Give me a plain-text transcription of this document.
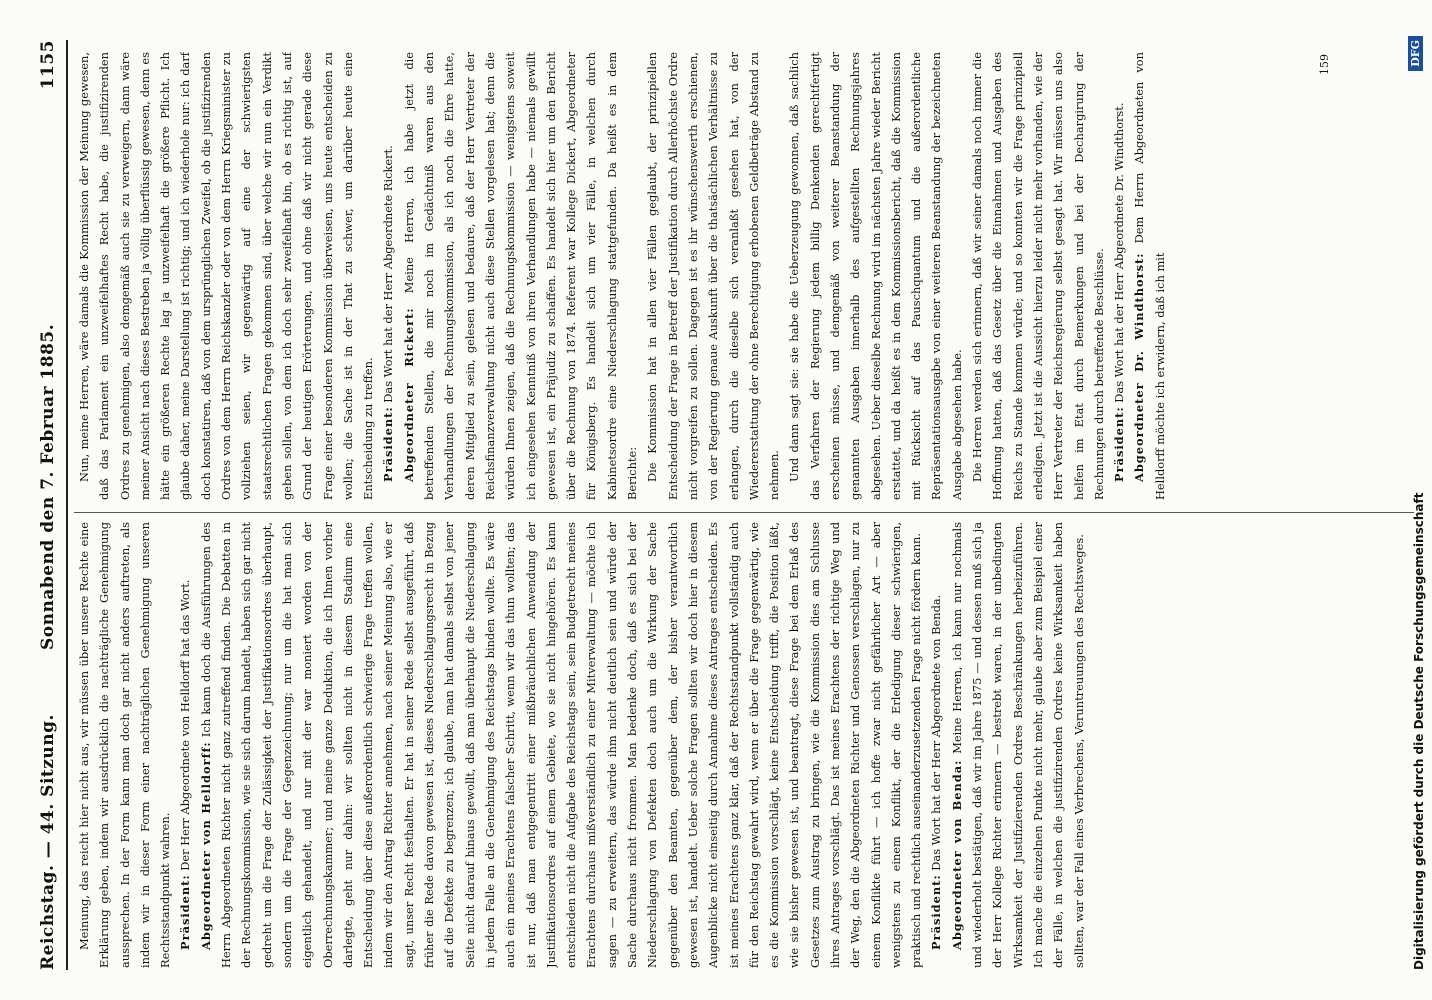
Reichstag. — 44. Sitzung.
Sonnabend den 7. Februar 1885.
1155

Meinung, das reicht hier nicht aus, wir müssen über unsere Rechte eine Erklärung geben, indem wir ausdrücklich die nachträgliche Genehmigung aussprechen. In der Form kann man doch gar nicht anders auftreten, als indem wir in dieser Form einer nachträglichen Genehmigung unseren Rechtsstandpunkt wahren. Präsident: Der Herr Abgeordnete von Helldorff hat das Wort. Abgeordneter von Helldorff: Ich kann doch die Ausführungen des Herrn Abgeordneten Richter nicht ganz zutreffend finden. Die Debatten in der Rechnungskommission, wie sie sich darum handelt, haben sich gar nicht gedreht um die Frage der Zulässigkeit der Justifikationsordres überhaupt, sondern um die Frage der Gegenzeichnung; nur um die hat man sich eigentlich gehandelt, und nur mit der war moniert worden von der Oberrechnungskammer; und meine ganze Deduktion, die ich Ihnen vorher darlegte, geht nur dahin: wir sollten nicht in diesem Stadium eine Entscheidung über diese außerordentlich schwierige Frage treffen wollen, indem wir den Antrag Richter annehmen, nach seiner Meinung also, wie er sagt, unser Recht festhalten. Er hat in seiner Rede selbst ausgeführt, daß früher die Rede davon gewesen ist, dieses Niederschlagungsrecht in Bezug auf die Defekte zu begrenzen; ich glaube, man hat damals selbst von jener Seite nicht darauf hinaus gewollt, daß man überhaupt die Niederschlagung in jedem Falle an die Genehmigung des Reichstags binden wollte. Es wäre auch ein meines Erachtens falscher Schritt, wenn wir das thun wollten; das ist nur, daß man entgegentritt einer mißbräuchlichen Anwendung der Justifikationsordres auf einem Gebiete, wo sie nicht hingehören. Es kann entschieden nicht die Aufgabe des Reichstags sein, sein Budgetrecht meines Erachtens durchaus mißverständlich zu einer Mitverwaltung — möchte ich sagen — zu erweitern, das würde ihm nicht deutlich sein und würde der Sache durchaus nicht frommen. Man bedenke doch, daß es sich bei der Niederschlagung von Defekten doch auch um die Wirkung der Sache gegenüber den Beamten, gegenüber dem, der bisher verantwortlich gewesen ist, handelt. Ueber solche Fragen sollten wir doch hier in diesem Augenblicke nicht einseitig durch Annahme dieses Antrages entscheiden. Es ist meines Erachtens ganz klar, daß der Rechtsstandpunkt vollständig auch für den Reichstag gewahrt wird, wenn er über die Frage gegenwärtig, wie es die Kommission vorschlägt, keine Entscheidung trifft, die Position läßt, wie sie bisher gewesen ist, und beantragt, diese Frage bei dem Erlaß des Gesetzes zum Austrag zu bringen, wie die Kommission dies am Schlusse ihres Antrages vorschlägt. Das ist meines Erachtens der richtige Weg und der Weg, den die Abgeordneten Richter und Genossen verschlagen, nur zu einem Konflikte führt — ich hoffe zwar nicht gefährlicher Art — aber wenigstens zu einem Konflikt, der die Erledigung dieser schwierigen, praktisch und rechtlich auseinanderzusetzenden Frage nicht fördern kann. Präsident: Das Wort hat der Herr Abgeordnete von Benda. Abgeordneter von Benda: Meine Herren, ich kann nur nochmals und wiederholt bestätigen, daß wir im Jahre 1875 — und dessen muß sich ja der Herr Kollege Richter erinnern — bestrebt waren, in der unbedingten Wirksamkeit der Justifizierenden Ordres Beschränkungen herbeizuführen. Ich mache die einzelnen Punkte nicht mehr, glaube aber zum Beispiel einer der Fälle, in welchen die justifizirenden Ordres keine Wirksamkeit haben sollten, war der Fall eines Verbrechens, Veruntreuungen des Rechtsweges.

Nun, meine Herren, wäre damals die Kommission der Meinung gewesen, daß das Parlament ein unzweifelhaftes Recht habe, die justifizirenden Ordres zu genehmigen, also demgemäß auch sie zu verweigern, dann wäre meiner Ansicht nach dieses Bestreben ja völlig überflüssig gewesen, denn es hätte ein größeren Rechte lag ja unzweifelhaft die größere Pflicht. Ich glaube daher, meine Darstellung ist richtig; und ich wiederhole nur: ich darf doch konstatiren, daß von dem ursprünglichen Zweifel, ob die justifizirenden Ordres von dem Herrn Reichskanzler oder von dem Herrn Kriegsminister zu vollziehen seien, wir gegenwärtig auf eine der schwierigsten staatsrechtlichen Fragen gekommen sind, über welche wir nun ein Verdikt geben sollen, von dem ich doch sehr zweifelhaft bin, ob es richtig ist, auf Grund der heutigen Erörterungen, und ohne daß wir nicht gerade diese Frage einer besonderen Kommission überweisen, uns heute entscheiden zu wollen; die Sache ist in der That zu schwer, um darüber heute eine Entscheidung zu treffen. Präsident: Das Wort hat der Herr Abgeordnete Rickert. Abgeordneter Rickert: Meine Herren, ich habe jetzt die betreffenden Stellen, die mir noch im Gedächtniß waren aus den Verhandlungen der Rechnungskommission, als ich noch die Ehre hatte, deren Mitglied zu sein, gelesen und bedaure, daß der Herr Vertreter der Reichsfinanzverwaltung nicht auch diese Stellen vorgelesen hat; denn die würden Ihnen zeigen, daß die Rechnungskommission — wenigstens soweit ich eingesehen Kenntniß von ihren Verhandlungen habe — niemals gewillt gewesen ist, ein Präjudiz zu schaffen. Es handelt sich hier um den Bericht über die Rechnung von 1874. Referent war Kollege Dickert, Abgeordneter für Königsberg. Es handelt sich um vier Fälle, in welchen durch Kabinetsordre eine Niederschlagung stattgefunden. Da heißt es in dem Berichte: Die Kommission hat in allen vier Fällen geglaubt, der prinzipiellen Entscheidung der Frage in Betreff der Justifikation durch Allerhöchste Ordre nicht vorgreifen zu sollen. Dagegen ist es ihr wünschenswerth erschienen, von der Regierung genaue Auskunft über die thatsächlichen Verhältnisse zu erlangen, durch die dieselbe sich veranlaßt gesehen hat, von der Wiedererstattung der ohne Berechtigung erhobenen Geldbeträge Abstand zu nehmen. Und dann sagt sie: sie habe die Ueberzeugung gewonnen, daß sachlich das Verfahren der Regierung jedem billig Denkenden gerechtfertigt erscheinen müsse, und demgemäß von weiterer Beanstandung der genannten Ausgaben innerhalb des aufgestellten Rechnungsjahres abgesehen. Ueber dieselbe Rechnung wird im nächsten Jahre wieder Bericht erstattet, und da heißt es in dem Kommissionsbericht, daß die Kommission mit Rücksicht auf das Pauschquantum und die außerordentliche Repräsentationsausgabe von einer weiteren Beanstandung der bezeichneten Ausgabe abgesehen habe. Die Herren werden sich erinnern, daß wir seiner damals noch immer die Hoffnung hatten, daß das Gesetz über die Einnahmen und Ausgaben des Reichs zu Stande kommen würde; und so konnten wir die Frage prinzipiell erledigen. Jetzt ist die Aussicht hierzu leider nicht mehr vorhanden, wie der Herr Vertreter der Reichsregierung selbst gesagt hat. Wir müssen uns also helfen im Etat durch Bemerkungen und bei der Dechargirung der Rechnungen durch betreffende Beschlüsse. Präsident: Das Wort hat der Herr Abgeordnete Dr. Windthorst. Abgeordneter Dr. Windthorst: Dem Herrn Abgeordneten von Helldorff möchte ich erwidern, daß ich mit

159
Digitalisierung gefördert durch die Deutsche Forschungsgemeinschaft
DFG
